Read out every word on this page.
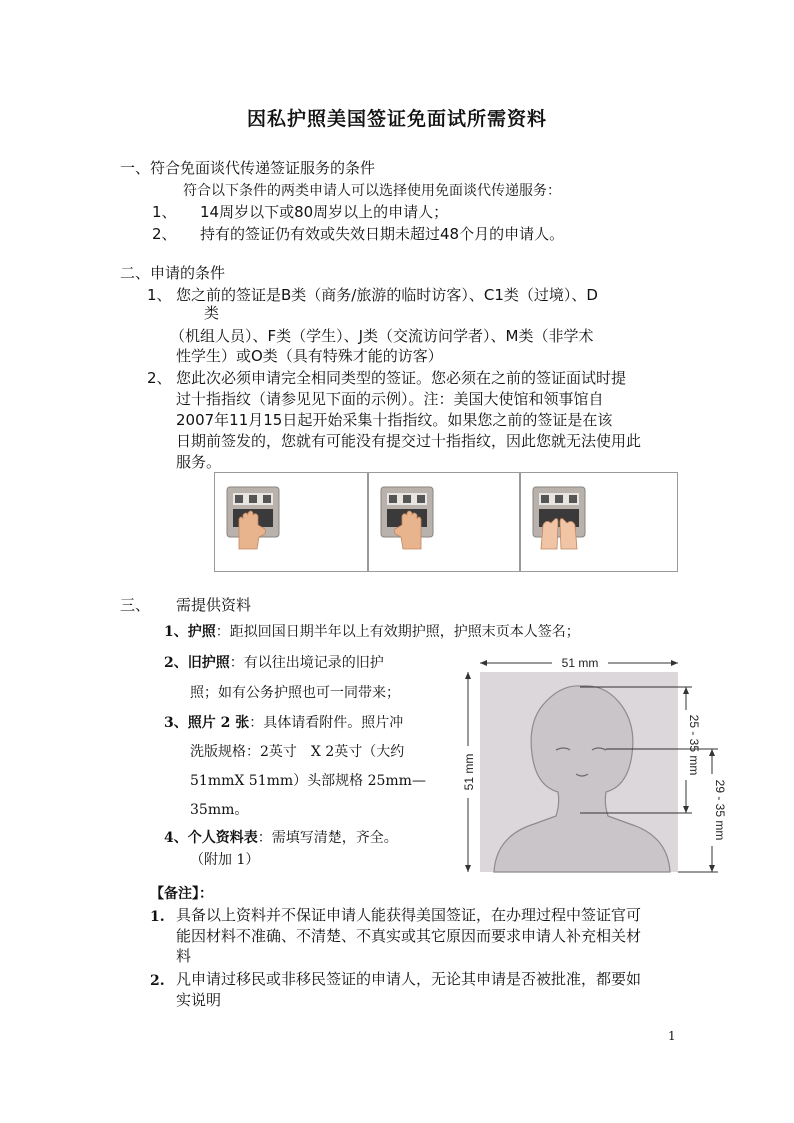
因私护照美国签证免面试所需资料
一、符合免面谈代传递签证服务的条件
符合以下条件的两类申请人可以选择使用免面谈代传递服务：
1、 14周岁以下或80周岁以上的申请人；
2、 持有的签证仍有效或失效日期未超过48个月的申请人。
二、申请的条件
1、 您之前的签证是B类（商务/旅游的临时访客）、C1类（过境）、D
类
（机组人员）、F类（学生）、J类（交流访问学者）、M类（非学术
性学生）或O类（具有特殊才能的访客）
2、 您此次必须申请完全相同类型的签证。您必须在之前的签证面试时提
过十指指纹（请参见见下面的示例）。注：美国大使馆和领事馆自
2007年11月15日起开始采集十指指纹。如果您之前的签证是在该
日期前签发的，您就有可能没有提交过十指指纹，因此您就无法使用此
服务。
三、 需提供资料
1、护照：距拟回国日期半年以上有效期护照，护照末页本人签名；
2、旧护照：有以往出境记录的旧护
照；如有公务护照也可一同带来；
3、照片 2 张：具体请看附件。照片冲
洗版规格：2英寸　X 2英寸（大约
51mmX 51mm）头部规格 25mm—
35mm。
4、个人资料表：需填写清楚，齐全。
（附加 1）
51 mm
51 mm	25 - 35 mm
29 - 35 mm
【备注】：
1. 具备以上资料并不保证申请人能获得美国签证，在办理过程中签证官可
能因材料不准确、不清楚、不真实或其它原因而要求申请人补充相关材
料
2. 凡申请过移民或非移民签证的申请人，无论其申请是否被批准，都要如
实说明
1
